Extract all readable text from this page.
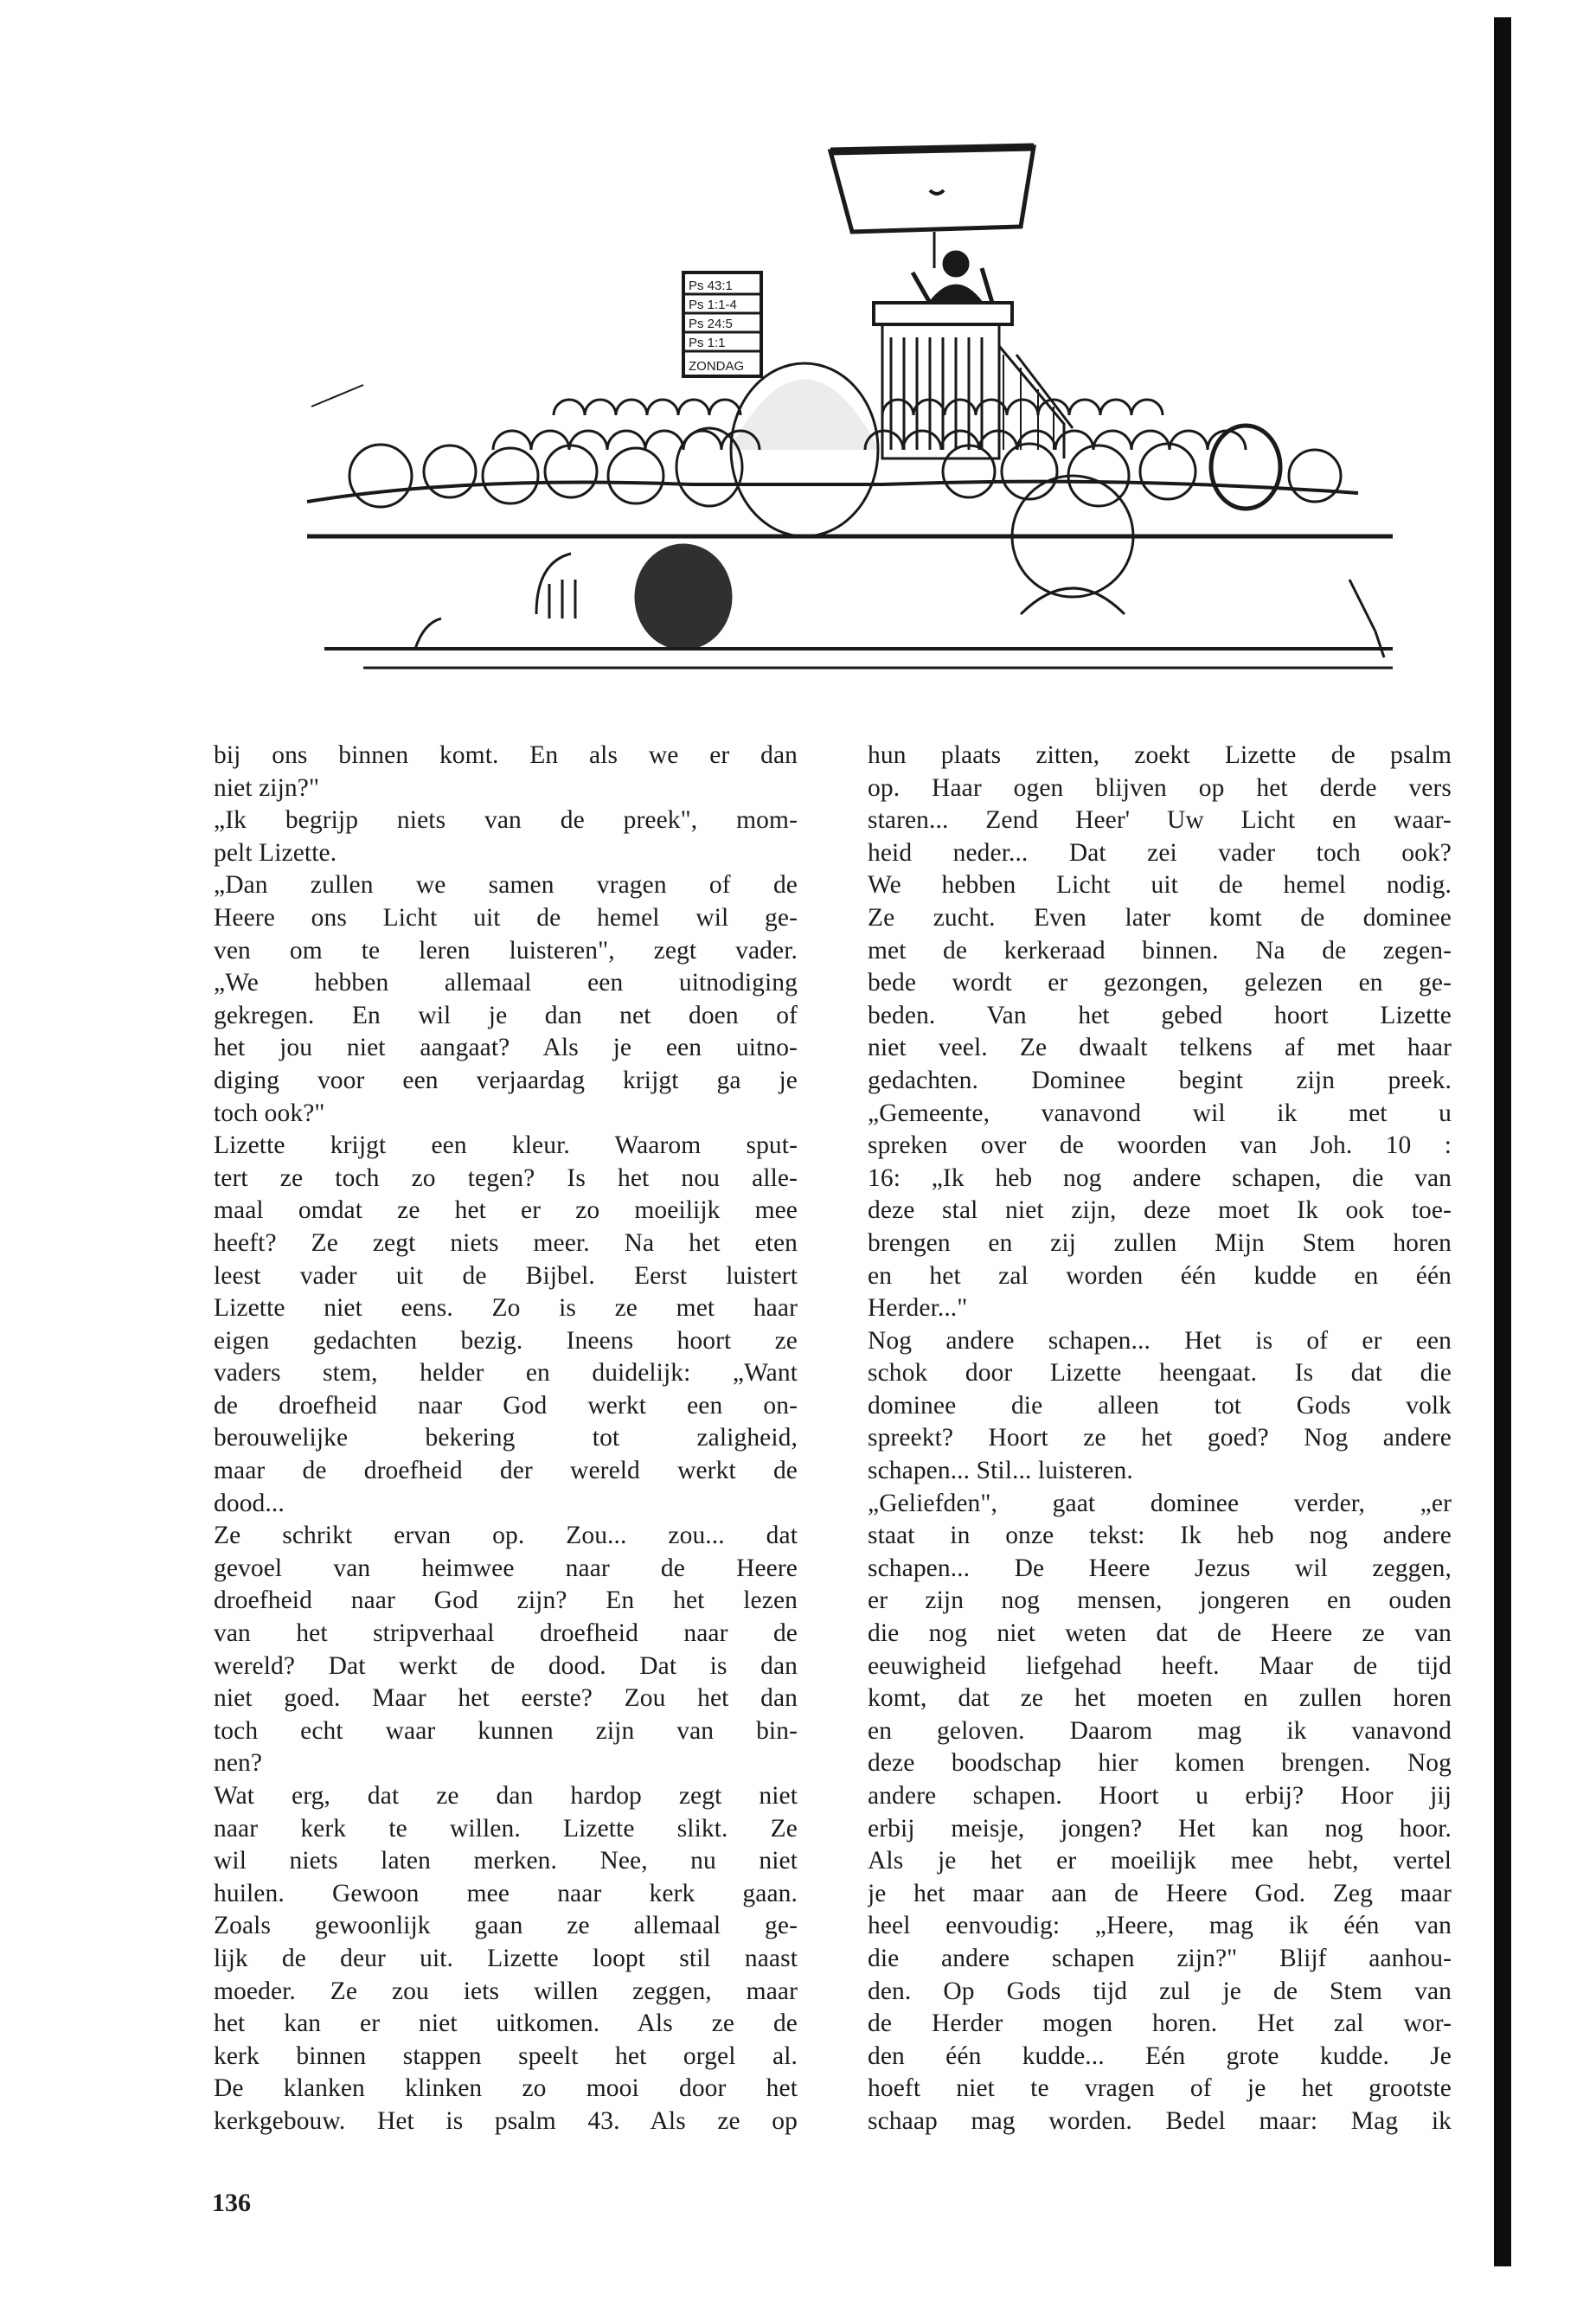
Ps 43:1
Ps 1:1-4
Ps 24:5
Ps 1:1
ZONDAG
bij ons binnen komt. En als we er dan
niet zijn?"
„Ik begrijp niets van de preek", mom-
pelt Lizette.
„Dan zullen we samen vragen of de
Heere ons Licht uit de hemel wil ge-
ven om te leren luisteren", zegt vader.
„We hebben allemaal een uitnodiging
gekregen. En wil je dan net doen of
het jou niet aangaat? Als je een uitno-
diging voor een verjaardag krijgt ga je
toch ook?"
Lizette krijgt een kleur. Waarom sput-
tert ze toch zo tegen? Is het nou alle-
maal omdat ze het er zo moeilijk mee
heeft? Ze zegt niets meer. Na het eten
leest vader uit de Bijbel. Eerst luistert
Lizette niet eens. Zo is ze met haar
eigen gedachten bezig. Ineens hoort ze
vaders stem, helder en duidelijk: „Want
de droefheid naar God werkt een on-
berouwelijke bekering tot zaligheid,
maar de droefheid der wereld werkt de
dood...
Ze schrikt ervan op. Zou... zou... dat
gevoel van heimwee naar de Heere
droefheid naar God zijn? En het lezen
van het stripverhaal droefheid naar de
wereld? Dat werkt de dood. Dat is dan
niet goed. Maar het eerste? Zou het dan
toch echt waar kunnen zijn van bin-
nen?
Wat erg, dat ze dan hardop zegt niet
naar kerk te willen. Lizette slikt. Ze
wil niets laten merken. Nee, nu niet
huilen. Gewoon mee naar kerk gaan.
Zoals gewoonlijk gaan ze allemaal ge-
lijk de deur uit. Lizette loopt stil naast
moeder. Ze zou iets willen zeggen, maar
het kan er niet uitkomen. Als ze de
kerk binnen stappen speelt het orgel al.
De klanken klinken zo mooi door het
kerkgebouw. Het is psalm 43. Als ze op
hun plaats zitten, zoekt Lizette de psalm
op. Haar ogen blijven op het derde vers
staren... Zend Heer' Uw Licht en waar-
heid neder... Dat zei vader toch ook?
We hebben Licht uit de hemel nodig.
Ze zucht. Even later komt de dominee
met de kerkeraad binnen. Na de zegen-
bede wordt er gezongen, gelezen en ge-
beden. Van het gebed hoort Lizette
niet veel. Ze dwaalt telkens af met haar
gedachten. Dominee begint zijn preek.
„Gemeente, vanavond wil ik met u
spreken over de woorden van Joh. 10 :
16: „Ik heb nog andere schapen, die van
deze stal niet zijn, deze moet Ik ook toe-
brengen en zij zullen Mijn Stem horen
en het zal worden één kudde en één
Herder..."
Nog andere schapen... Het is of er een
schok door Lizette heengaat. Is dat die
dominee die alleen tot Gods volk
spreekt? Hoort ze het goed? Nog andere
schapen... Stil... luisteren.
„Geliefden", gaat dominee verder, „er
staat in onze tekst: Ik heb nog andere
schapen... De Heere Jezus wil zeggen,
er zijn nog mensen, jongeren en ouden
die nog niet weten dat de Heere ze van
eeuwigheid liefgehad heeft. Maar de tijd
komt, dat ze het moeten en zullen horen
en geloven. Daarom mag ik vanavond
deze boodschap hier komen brengen. Nog
andere schapen. Hoort u erbij? Hoor jij
erbij meisje, jongen? Het kan nog hoor.
Als je het er moeilijk mee hebt, vertel
je het maar aan de Heere God. Zeg maar
heel eenvoudig: „Heere, mag ik één van
die andere schapen zijn?" Blijf aanhou-
den. Op Gods tijd zul je de Stem van
de Herder mogen horen. Het zal wor-
den één kudde... Eén grote kudde. Je
hoeft niet te vragen of je het grootste
schaap mag worden. Bedel maar: Mag ik
136
